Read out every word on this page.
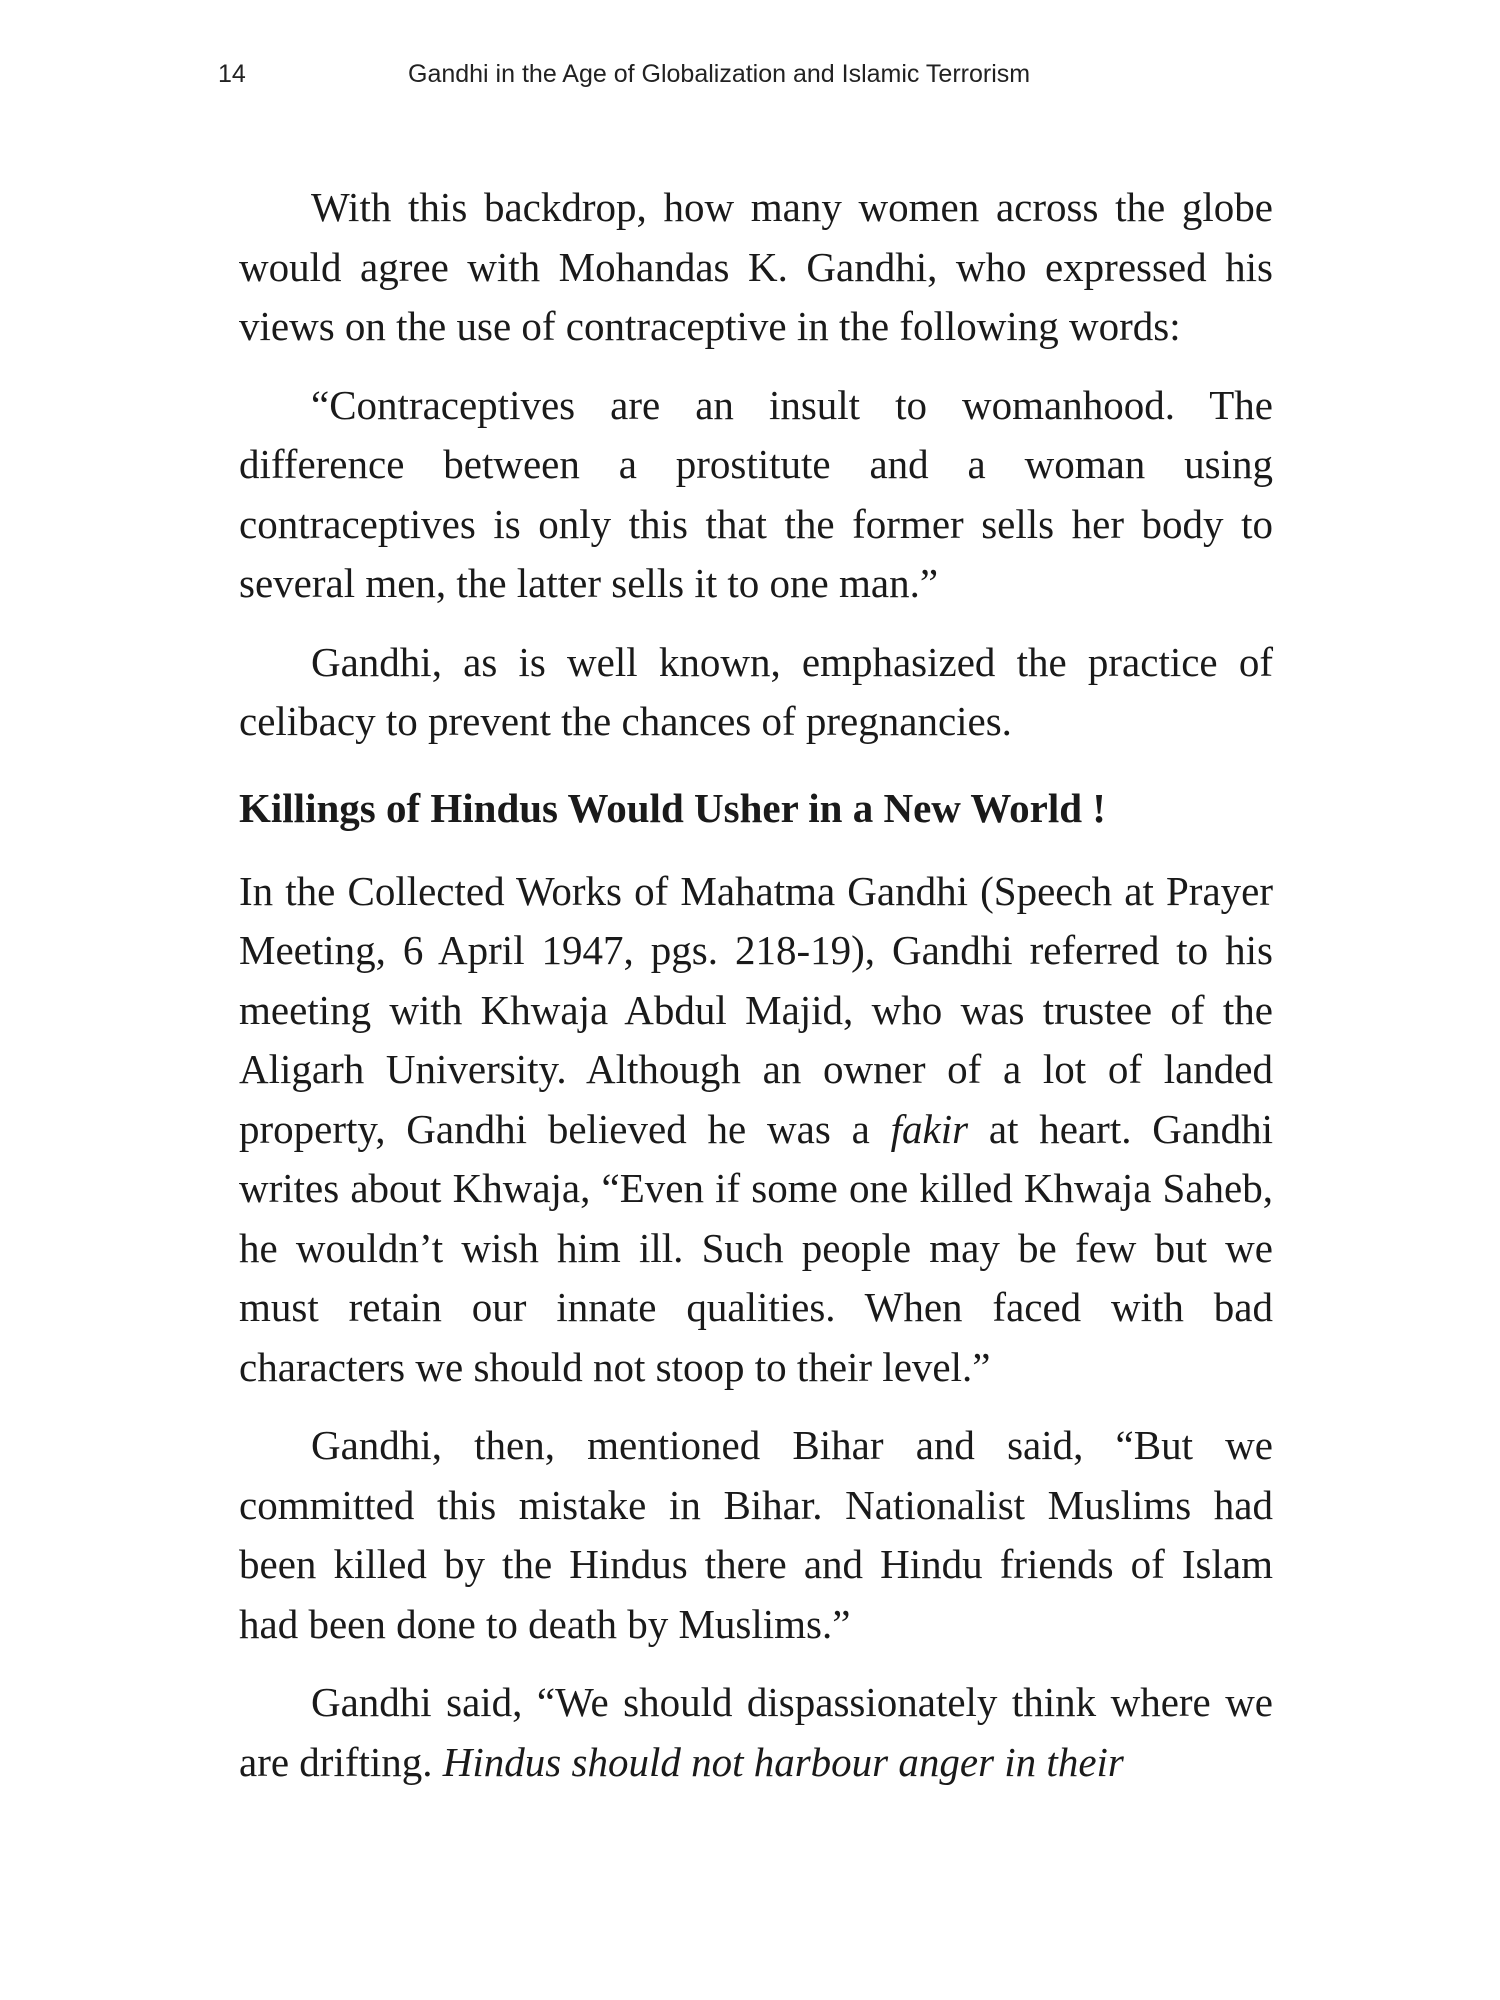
14	Gandhi in the Age of Globalization and Islamic Terrorism

With this backdrop, how many women across the globe would agree with Mohandas K. Gandhi, who expressed his views on the use of contraceptive in the following words:

“Contraceptives are an insult to womanhood. The difference between a prostitute and a woman using contraceptives is only this that the former sells her body to several men, the latter sells it to one man.”

Gandhi, as is well known, emphasized the practice of celibacy to prevent the chances of pregnancies.

Killings of Hindus Would Usher in a New World !

In the Collected Works of Mahatma Gandhi (Speech at Prayer Meeting, 6 April 1947, pgs. 218-19), Gandhi referred to his meeting with Khwaja Abdul Majid, who was trustee of the Aligarh University. Although an owner of a lot of landed property, Gandhi believed he was a fakir at heart. Gandhi writes about Khwaja, “Even if some one killed Khwaja Saheb, he wouldn’t wish him ill. Such people may be few but we must retain our innate qualities. When faced with bad characters we should not stoop to their level.”

Gandhi, then, mentioned Bihar and said, “But we committed this mistake in Bihar. Nationalist Muslims had been killed by the Hindus there and Hindu friends of Islam had been done to death by Muslims.”

Gandhi said, “We should dispassionately think where we are drifting. Hindus should not harbour anger in their
